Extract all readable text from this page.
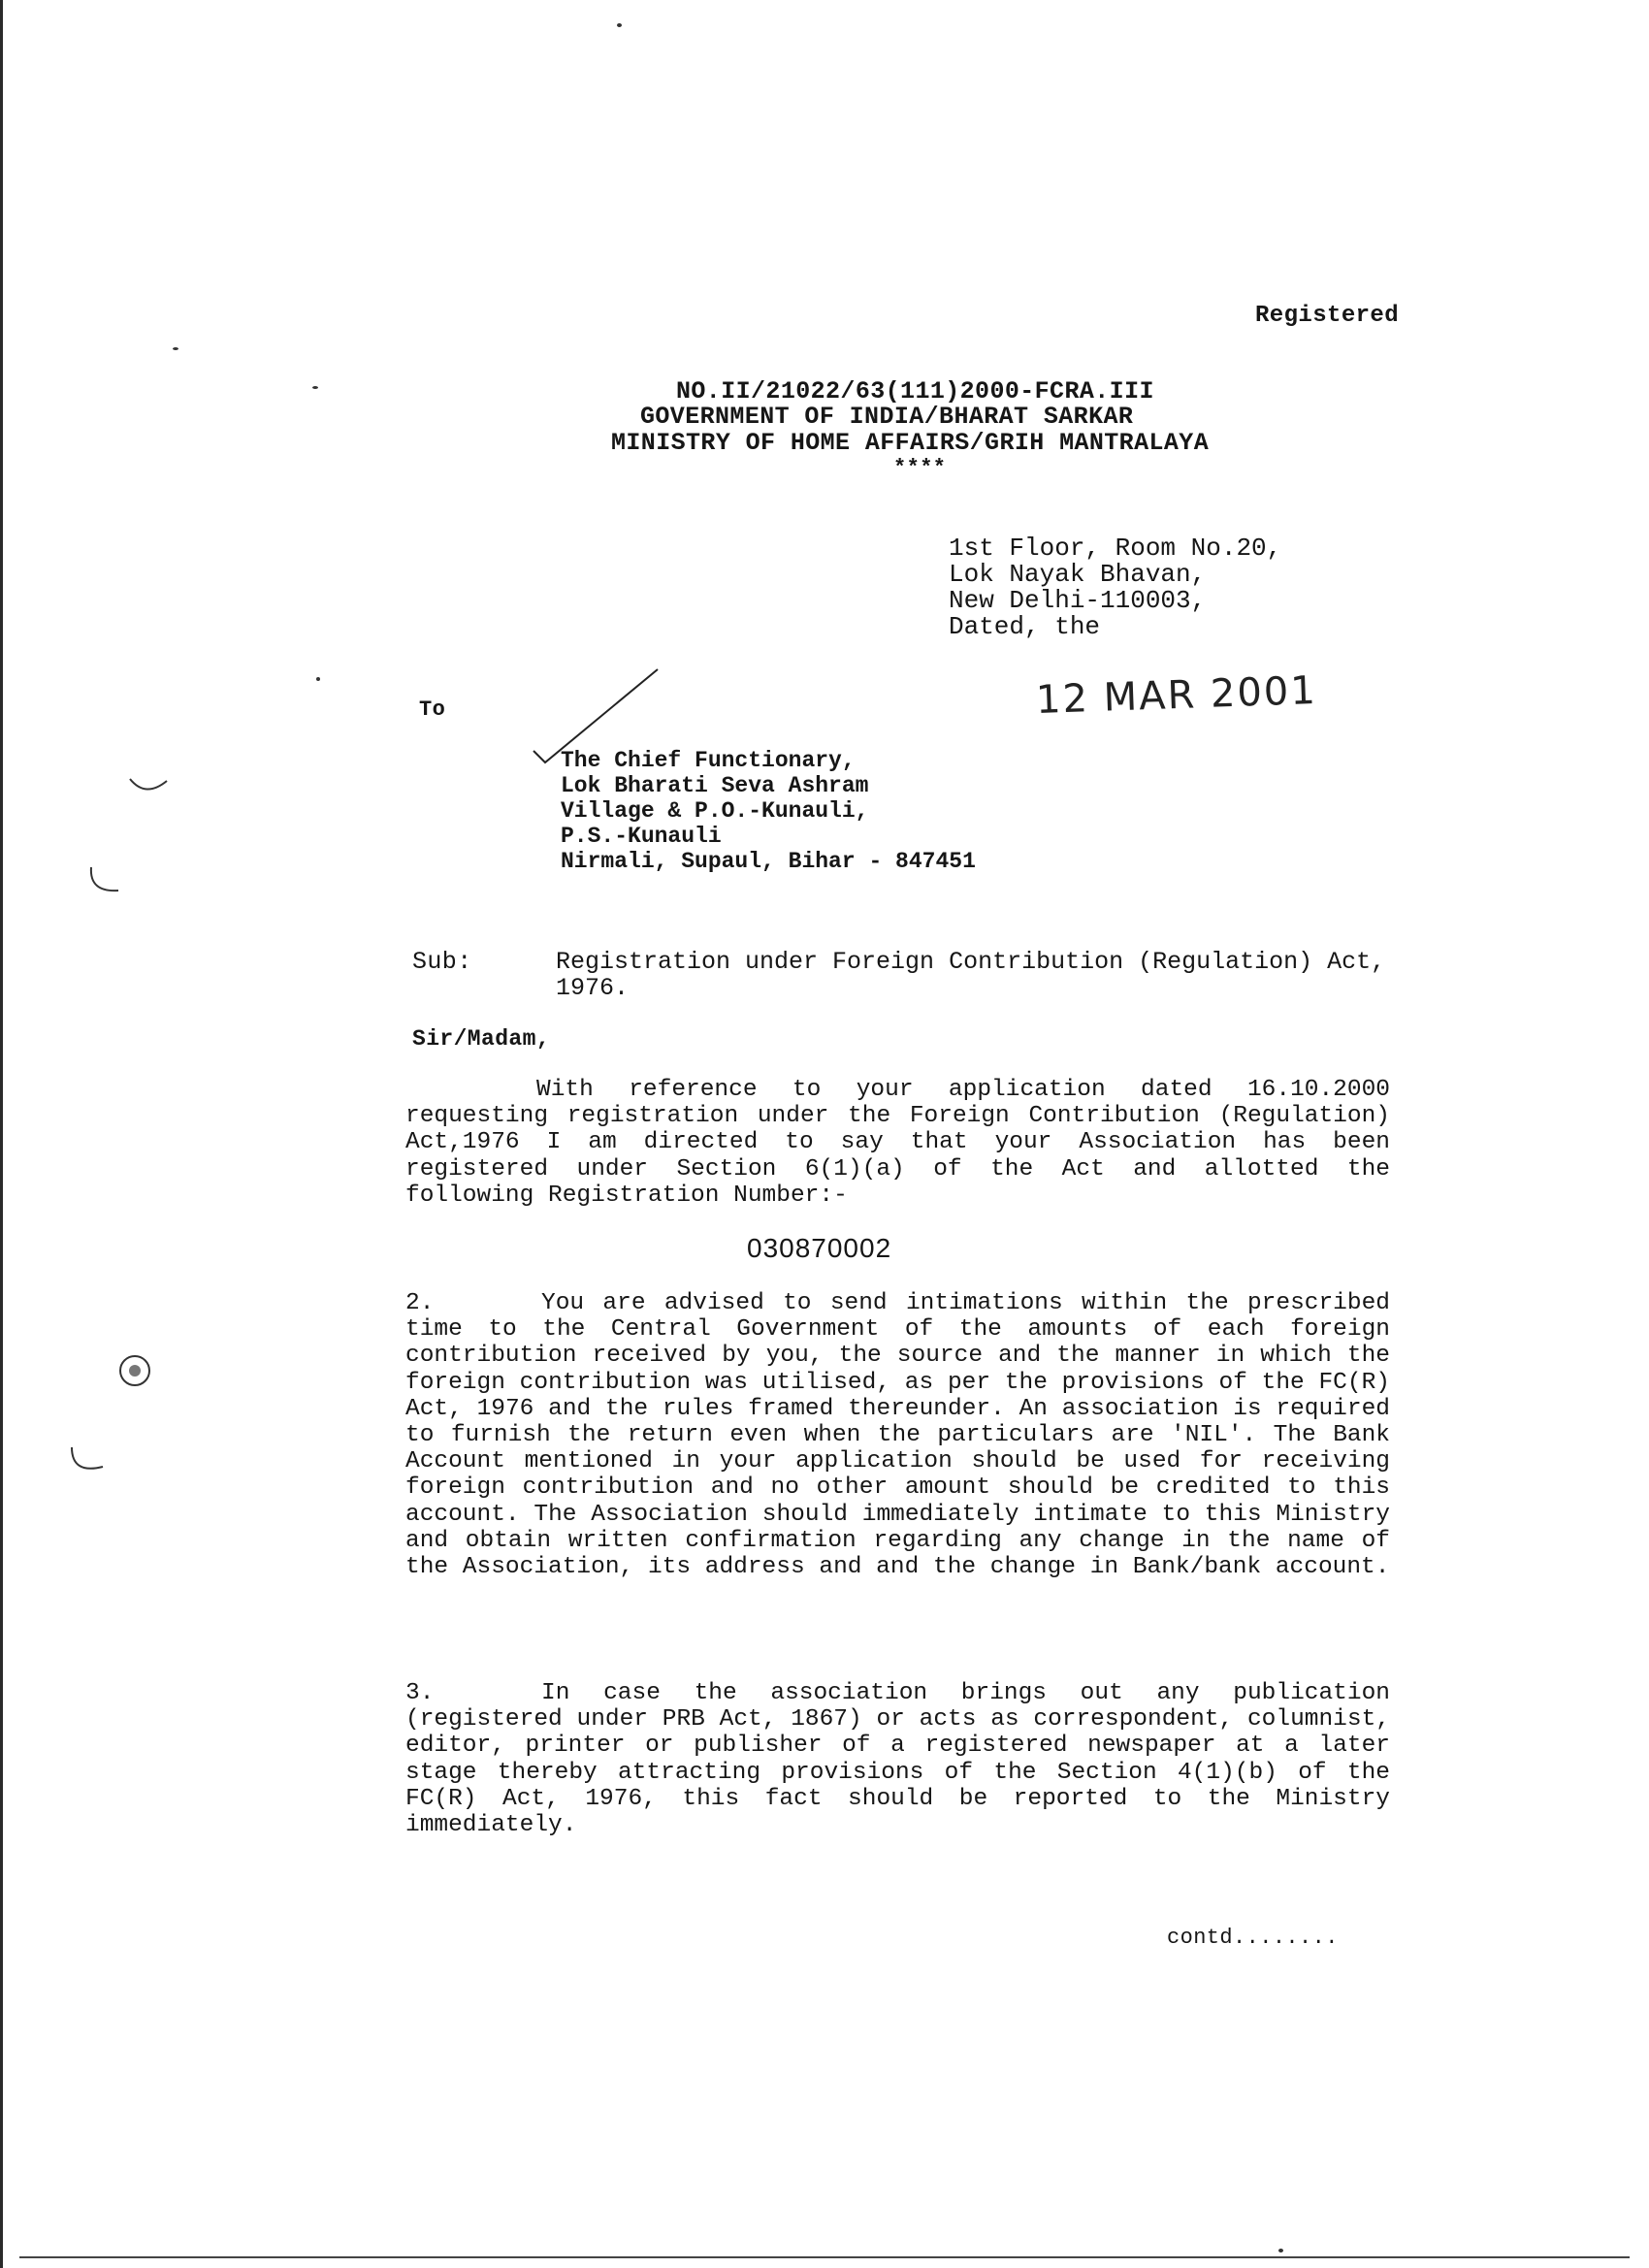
Registered
NO.II/21022/63(111)2000-FCRA.III
GOVERNMENT OF INDIA/BHARAT SARKAR
MINISTRY OF HOME AFFAIRS/GRIH MANTRALAYA
****
1st Floor, Room No.20,
Lok Nayak Bhavan,
New Delhi-110003,
Dated, the
12 MAR 2001
To
The Chief Functionary,
Lok Bharati Seva Ashram
Village & P.O.-Kunauli,
P.S.-Kunauli
Nirmali, Supaul, Bihar - 847451
Sub:	Registration under Foreign Contribution (Regulation) Act, 1976.
Sir/Madam,
With reference to your application dated 16.10.2000 requesting registration under the Foreign Contribution (Regulation) Act,1976 I am directed to say that your Association has been registered under Section 6(1)(a) of the Act and allotted the following Registration Number:-
030870002
2.	You are advised to send intimations within the prescribed time to the Central Government of the amounts of each foreign contribution received by you, the source and the manner in which the foreign contribution was utilised, as per the provisions of the FC(R) Act, 1976 and the rules framed thereunder. An association is required to furnish the return even when the particulars are 'NIL'. The Bank Account mentioned in your application should be used for receiving foreign contribution and no other amount should be credited to this account. The Association should immediately intimate to this Ministry and obtain written confirmation regarding any change in the name of the Association, its address and and the change in Bank/bank account.
3.	In case the association brings out any publication (registered under PRB Act, 1867) or acts as correspondent, columnist, editor, printer or publisher of a registered newspaper at a later stage thereby attracting provisions of the Section 4(1)(b) of the FC(R) Act, 1976, this fact should be reported to the Ministry immediately.
contd........
